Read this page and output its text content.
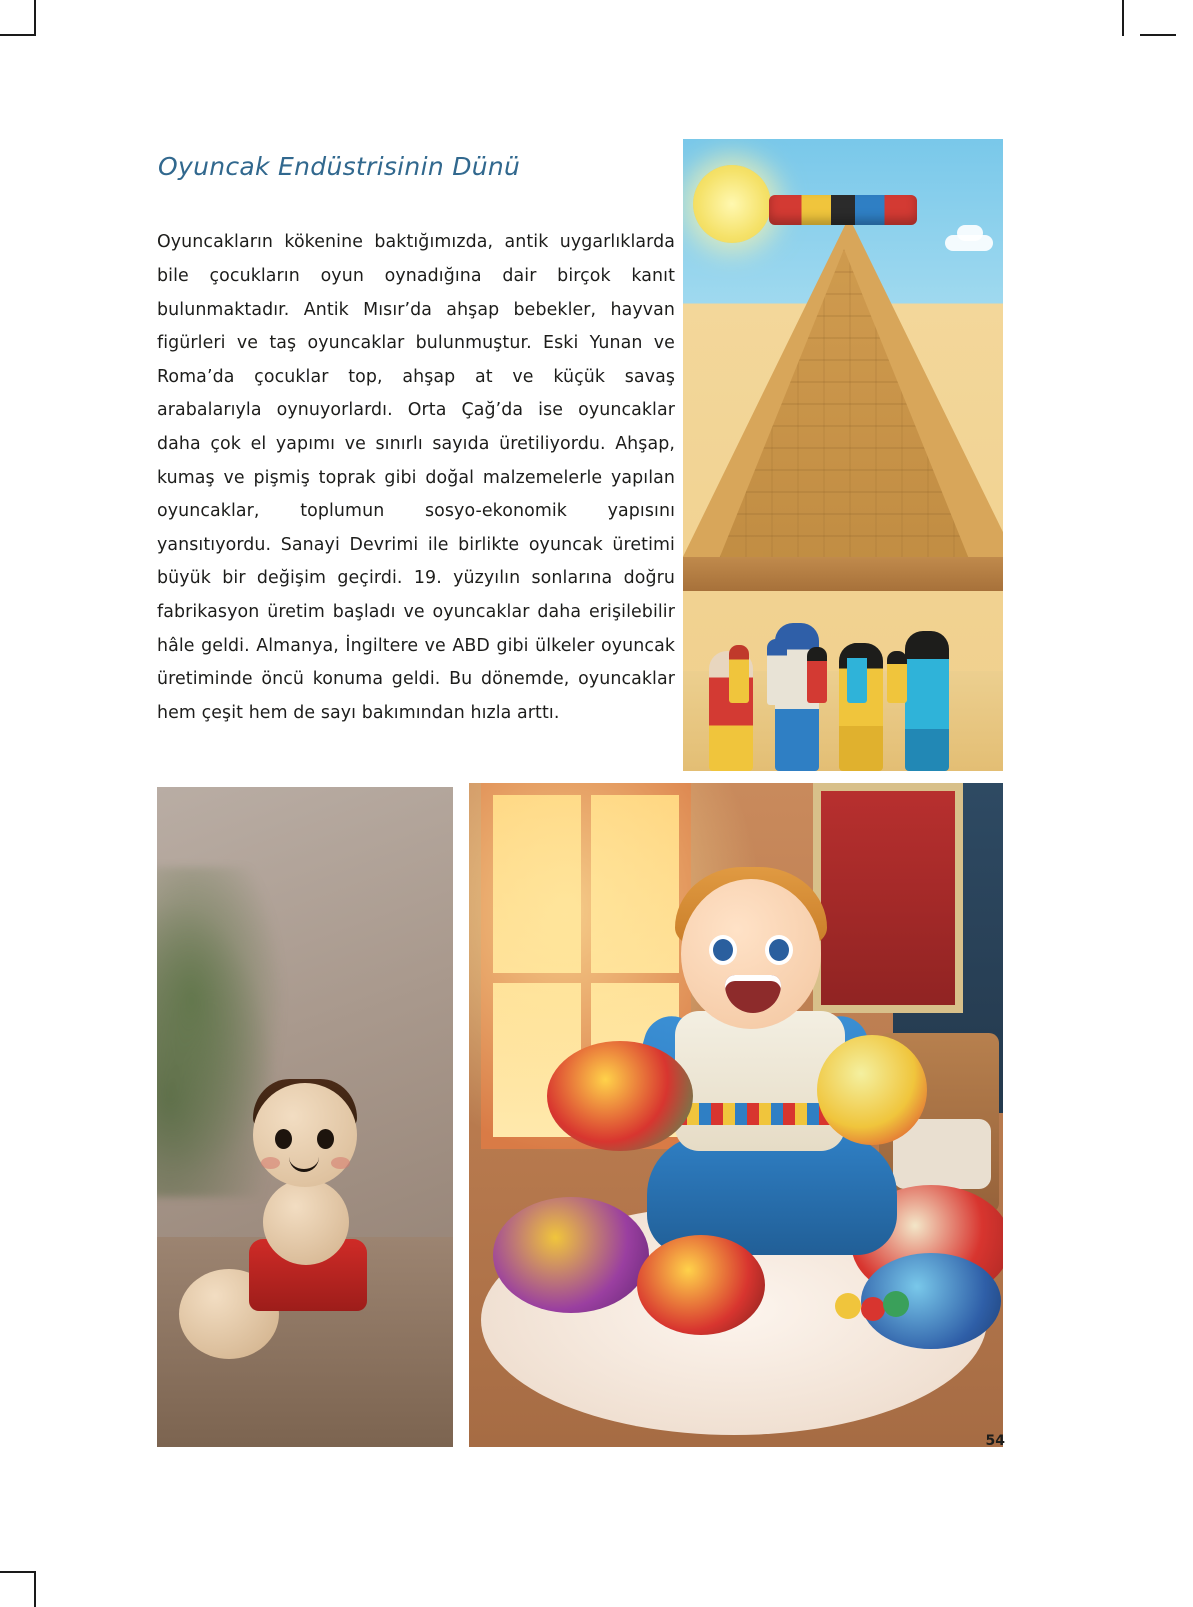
Oyuncak Endüstrisinin Dünü

Oyuncakların kökenine baktığımızda, antik uygarlıklarda bile çocukların oyun oynadığına dair birçok kanıt bulunmaktadır. Antik Mısır’da ahşap bebekler, hayvan figürleri ve taş oyuncaklar bulunmuştur. Eski Yunan ve Roma’da çocuklar top, ahşap at ve küçük savaş arabalarıyla oynuyorlardı. Orta Çağ’da ise oyuncaklar daha çok el yapımı ve sınırlı sayıda üretiliyordu. Ahşap, kumaş ve pişmiş toprak gibi doğal malzemelerle yapılan oyuncaklar, toplumun sosyo-ekonomik yapısını yansıtıyordu. Sanayi Devrimi ile birlikte oyuncak üretimi büyük bir değişim geçirdi. 19. yüzyılın sonlarına doğru fabrikasyon üretim başladı ve oyuncaklar daha erişilebilir hâle geldi. Almanya, İngiltere ve ABD gibi ülkeler oyuncak üretiminde öncü konuma geldi. Bu dönemde, oyuncaklar hem çeşit hem de sayı bakımından hızla arttı.

54
